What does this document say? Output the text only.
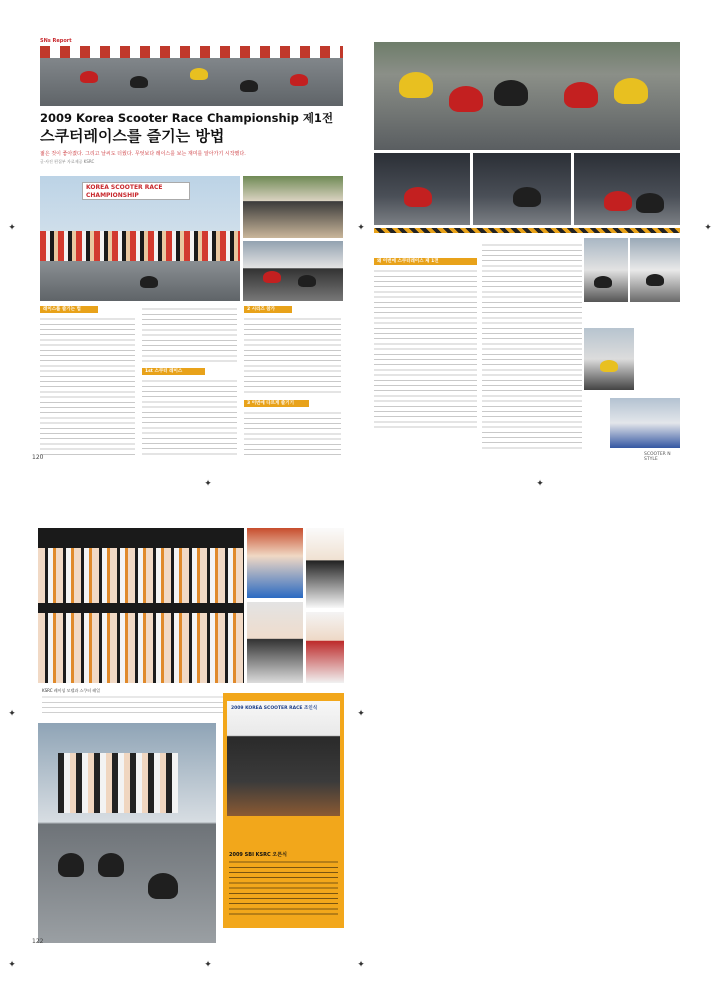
SNs Report
2009 Korea Scooter Race Championship 제1전
스쿠터레이스를 즐기는 방법
젊은 것이 좋아졌다. 그리고 날씨도 더웠다. 무엇보다 레이스를 보는 재미를 알아가기 시작했다.
글·사진 편집부 자료제공 KSRC
KOREA SCOOTER RACE CHAMPIONSHIP
레이스를 즐기는 법
1st 스쿠터 레이스
2 시리즈 참가
3 이번에 다르게 즐기기
120
왜 이번에 스쿠터레이스 제 1전
SCOOTER N STYLE
KSRC 레이싱 모델과 스쿠터 레일
2009 KOREA SCOOTER RACE 조인식
2009 SBI KSRC 오픈식
122
✦	✦	✦
✦	✦
✦	✦	✦
✦	✦
